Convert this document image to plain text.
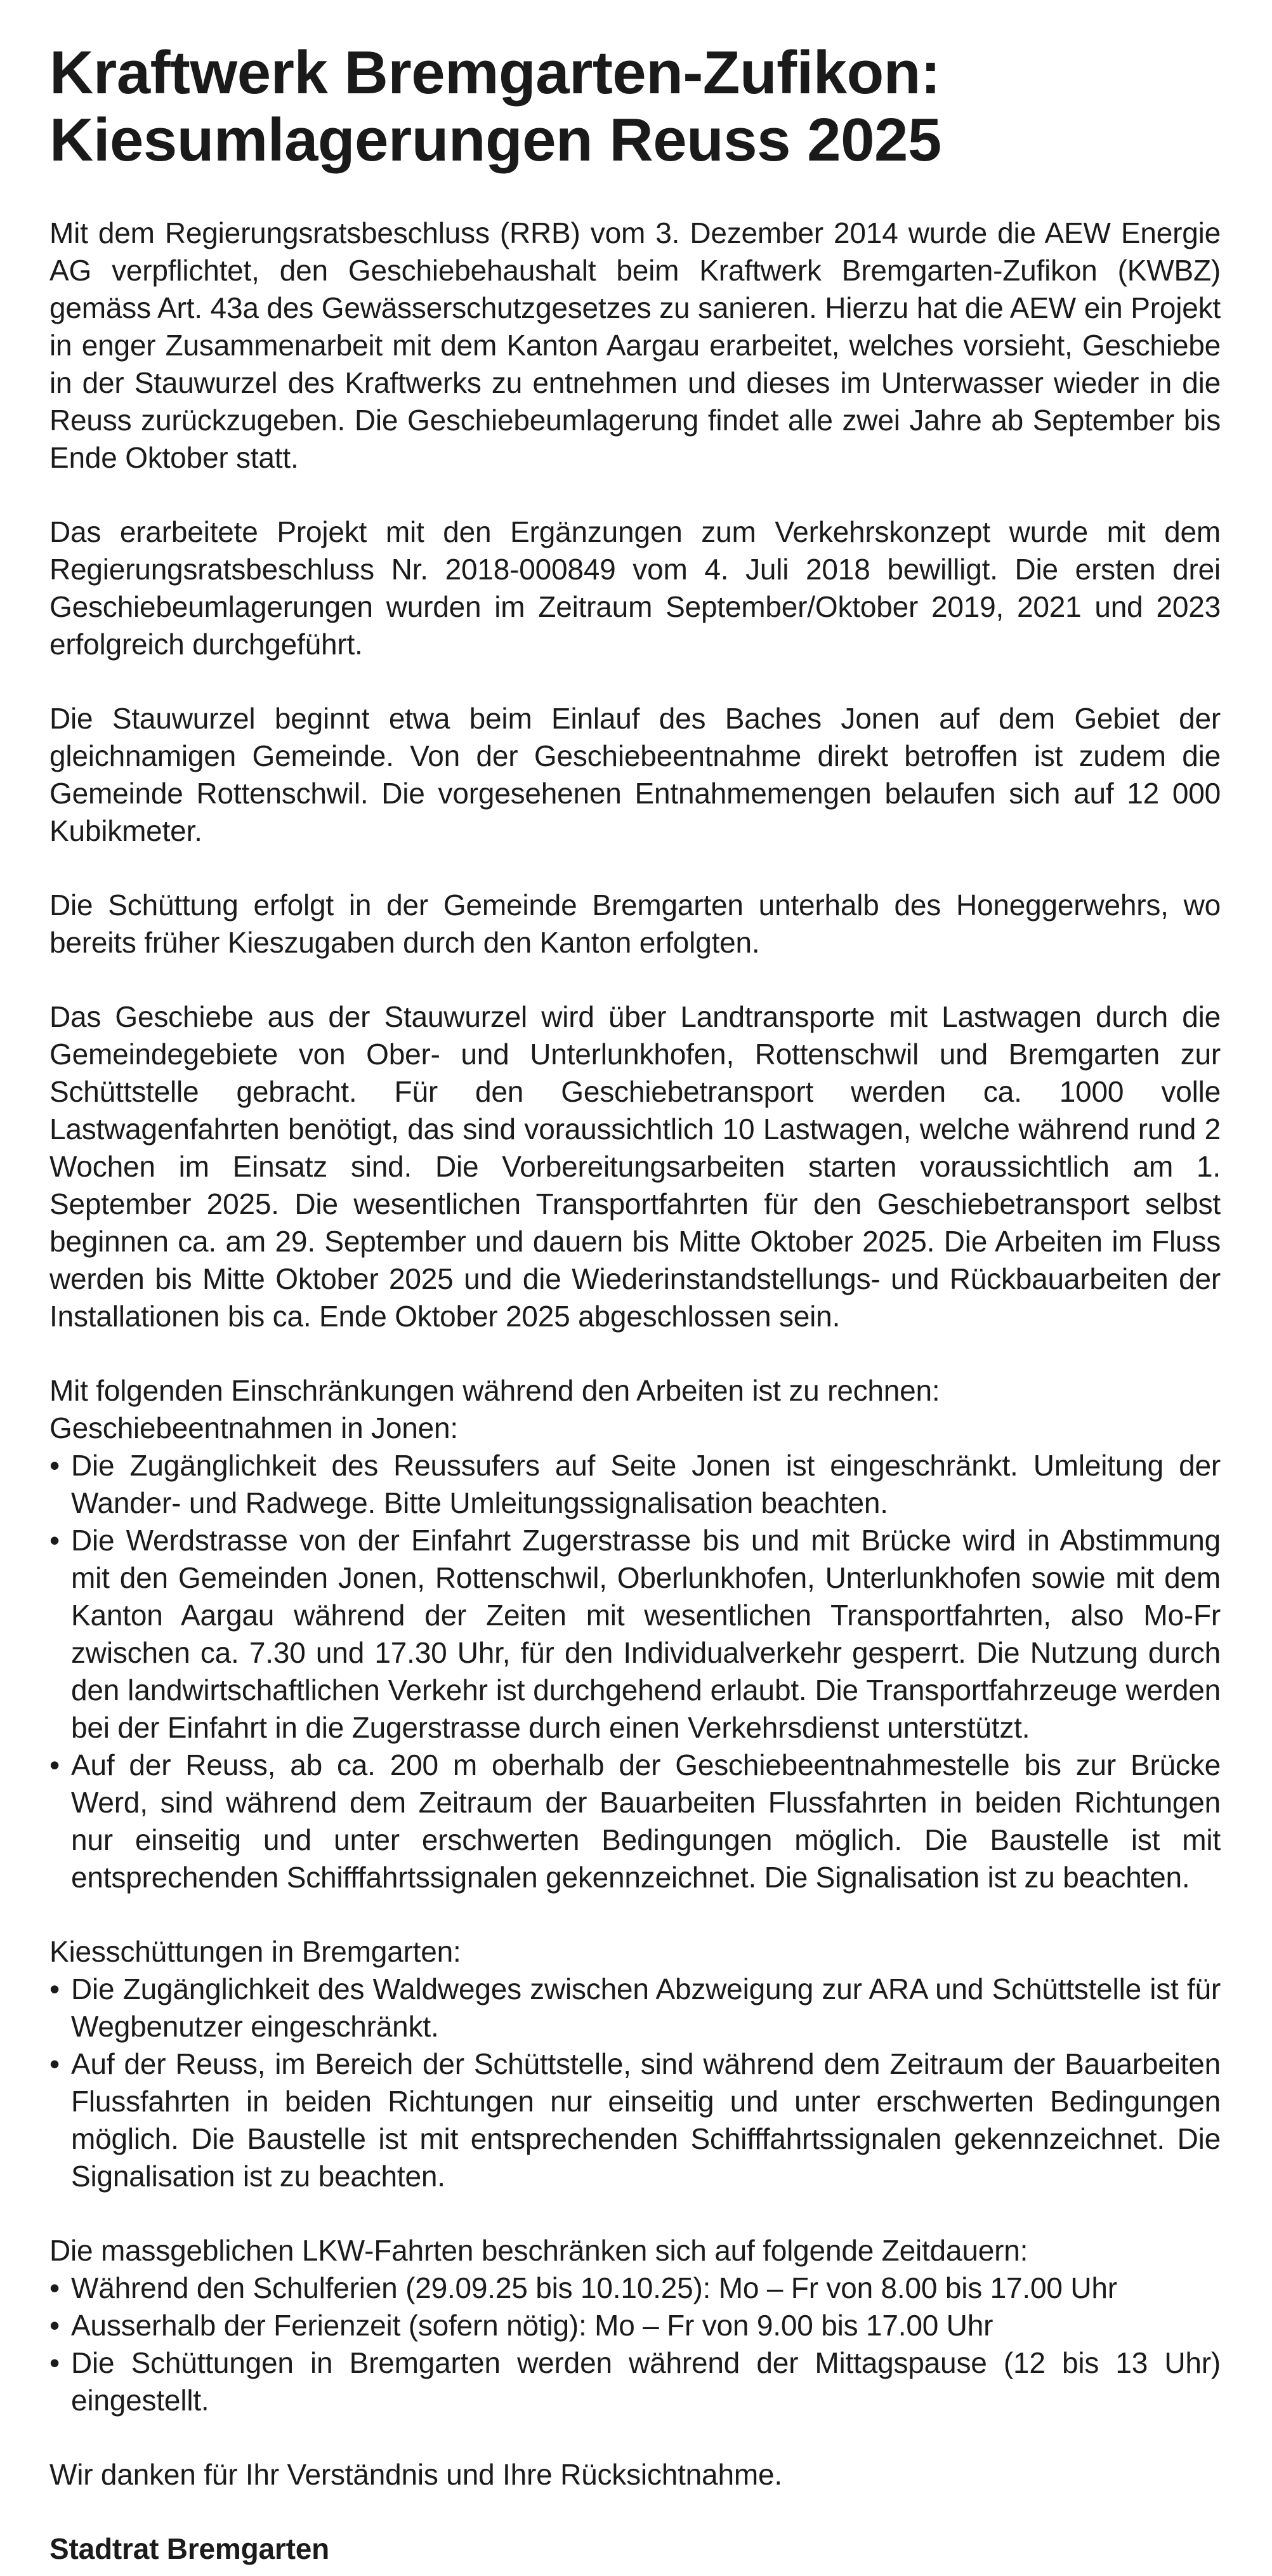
Kraftwerk Bremgarten-Zufikon:
Kiesumlagerungen Reuss 2025

Mit dem Regierungsratsbeschluss (RRB) vom 3. Dezember 2014 wurde die AEW Energie AG verpflichtet, den Geschiebehaushalt beim Kraftwerk Bremgarten-Zufikon (KWBZ) gemäss Art. 43a des Gewässerschutzgesetzes zu sanieren. Hierzu hat die AEW ein Projekt in enger Zusammenarbeit mit dem Kanton Aargau erarbeitet, welches vorsieht, Geschiebe in der Stauwurzel des Kraftwerks zu entnehmen und dieses im Unterwasser wieder in die Reuss zurückzugeben. Die Geschiebeumlagerung findet alle zwei Jahre ab September bis Ende Oktober statt.

Das erarbeitete Projekt mit den Ergänzungen zum Verkehrskonzept wurde mit dem Regierungsratsbeschluss Nr. 2018-000849 vom 4. Juli 2018 bewilligt. Die ersten drei Geschiebeumlagerungen wurden im Zeitraum September/Oktober 2019, 2021 und 2023 erfolgreich durchgeführt.

Die Stauwurzel beginnt etwa beim Einlauf des Baches Jonen auf dem Gebiet der gleichnamigen Gemeinde. Von der Geschiebeentnahme direkt betroffen ist zudem die Gemeinde Rottenschwil. Die vorgesehenen Entnahmemengen belaufen sich auf 12 000 Kubikmeter.

Die Schüttung erfolgt in der Gemeinde Bremgarten unterhalb des Honeggerwehrs, wo bereits früher Kieszugaben durch den Kanton erfolgten.

Das Geschiebe aus der Stauwurzel wird über Landtransporte mit Lastwagen durch die Gemeindegebiete von Ober- und Unterlunkhofen, Rottenschwil und Bremgarten zur Schüttstelle gebracht. Für den Geschiebetransport werden ca. 1000 volle Lastwagenfahrten benötigt, das sind voraussichtlich 10 Lastwagen, welche während rund 2 Wochen im Einsatz sind. Die Vorbereitungsarbeiten starten voraussichtlich am 1. September 2025. Die wesentlichen Transportfahrten für den Geschiebetransport selbst beginnen ca. am 29. September und dauern bis Mitte Oktober 2025. Die Arbeiten im Fluss werden bis Mitte Oktober 2025 und die Wiederinstandstellungs- und Rückbauarbeiten der Installationen bis ca. Ende Oktober 2025 abgeschlossen sein.

Mit folgenden Einschränkungen während den Arbeiten ist zu rechnen:

Geschiebeentnahmen in Jonen:

• Die Zugänglichkeit des Reussufers auf Seite Jonen ist eingeschränkt. Umleitung der Wander- und Radwege. Bitte Umleitungssignalisation beachten.
• Die Werdstrasse von der Einfahrt Zugerstrasse bis und mit Brücke wird in Abstimmung mit den Gemeinden Jonen, Rottenschwil, Oberlunkhofen, Unterlunkhofen sowie mit dem Kanton Aargau während der Zeiten mit wesentlichen Transportfahrten, also Mo-Fr zwischen ca. 7.30 und 17.30 Uhr, für den Individualverkehr gesperrt. Die Nutzung durch den landwirtschaftlichen Verkehr ist durchgehend erlaubt. Die Transportfahrzeuge werden bei der Einfahrt in die Zugerstrasse durch einen Verkehrsdienst unterstützt.
• Auf der Reuss, ab ca. 200 m oberhalb der Geschiebeentnahmestelle bis zur Brücke Werd, sind während dem Zeitraum der Bauarbeiten Flussfahrten in beiden Richtungen nur einseitig und unter erschwerten Bedingungen möglich. Die Baustelle ist mit entsprechenden Schifffahrtssignalen gekennzeichnet. Die Signalisation ist zu beachten.

Kiesschüttungen in Bremgarten:

• Die Zugänglichkeit des Waldweges zwischen Abzweigung zur ARA und Schüttstelle ist für Wegbenutzer eingeschränkt.
• Auf der Reuss, im Bereich der Schüttstelle, sind während dem Zeitraum der Bauarbeiten Flussfahrten in beiden Richtungen nur einseitig und unter erschwerten Bedingungen möglich. Die Baustelle ist mit entsprechenden Schifffahrtssignalen gekennzeichnet. Die Signalisation ist zu beachten.

Die massgeblichen LKW-Fahrten beschränken sich auf folgende Zeitdauern:

• Während den Schulferien (29.09.25 bis 10.10.25): Mo – Fr von 8.00 bis 17.00 Uhr
• Ausserhalb der Ferienzeit (sofern nötig): Mo – Fr von 9.00 bis 17.00 Uhr
• Die Schüttungen in Bremgarten werden während der Mittagspause (12 bis 13 Uhr) eingestellt.

Wir danken für Ihr Verständnis und Ihre Rücksichtnahme.

Stadtrat Bremgarten
